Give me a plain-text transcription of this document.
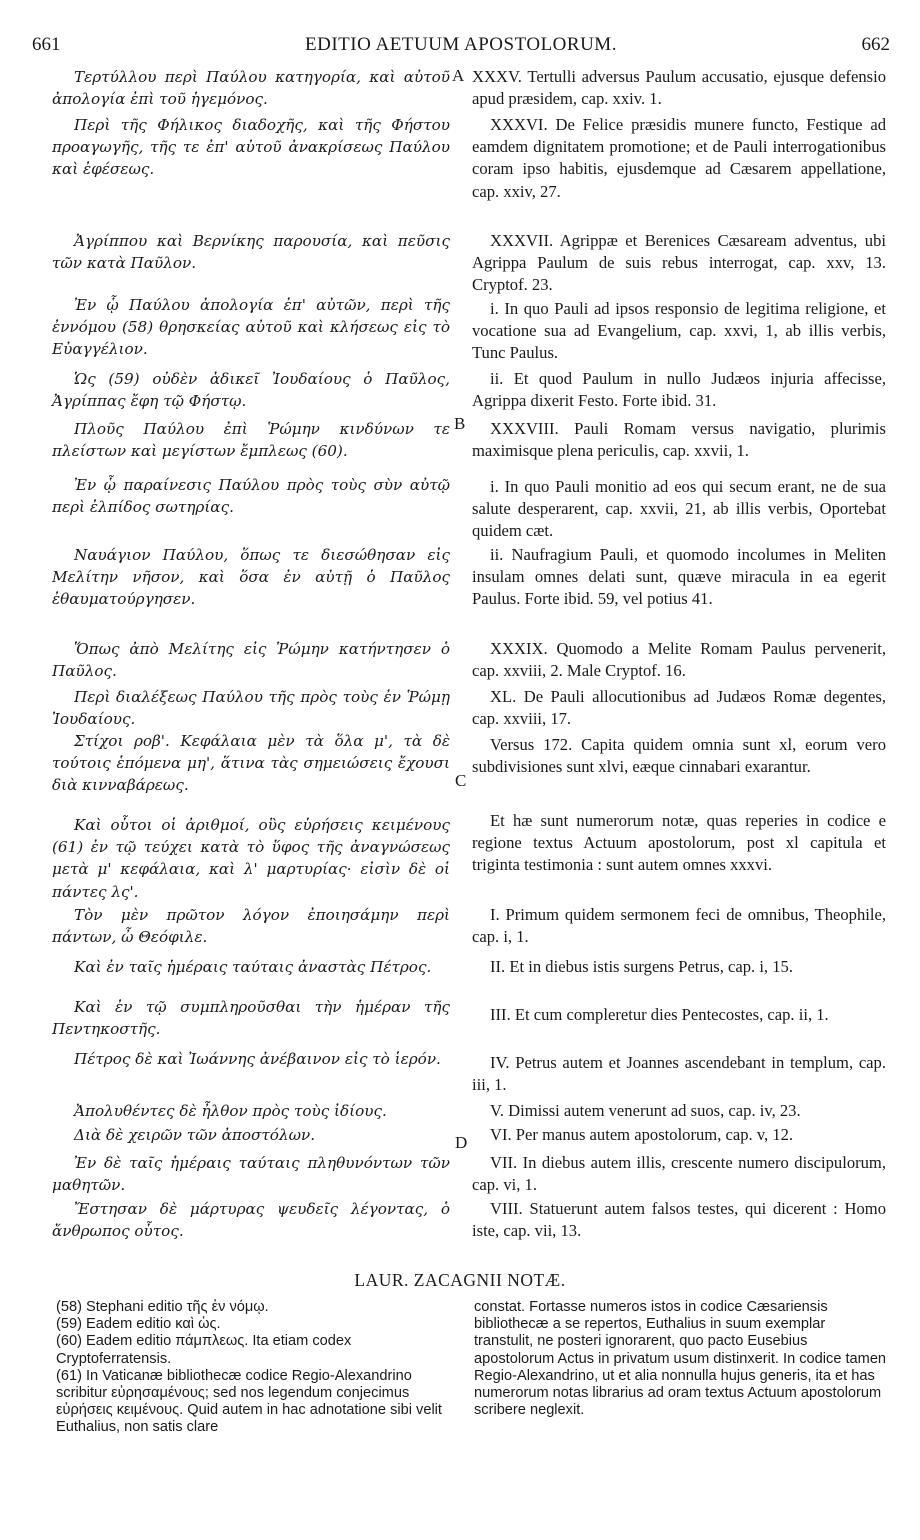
661	EDITIO AETUUM APOSTOLORUM.	662
A
B
C
D
Τερτύλλου περὶ Παύλου κατηγορία, καὶ αὐτοῦ ἀπολογία ἐπὶ τοῦ ἡγεμόνος.
Περὶ τῆς Φήλικος διαδοχῆς, καὶ τῆς Φήστου προαγωγῆς, τῆς τε ἐπ' αὐτοῦ ἀνακρίσεως Παύλου καὶ ἐφέσεως.
Ἀγρίππου καὶ Βερνίκης παρουσία, καὶ πεῦσις τῶν κατὰ Παῦλον.
Ἐν ᾧ Παύλου ἀπολογία ἐπ' αὐτῶν, περὶ τῆς ἐννόμου (58) θρησκείας αὐτοῦ καὶ κλήσεως εἰς τὸ Εὐαγγέλιον.
Ὡς (59) οὐδὲν ἀδικεῖ Ἰουδαίους ὁ Παῦλος, Ἀγρίππας ἔφη τῷ Φήστῳ.
Πλοῦς Παύλου ἐπὶ Ῥώμην κινδύνων τε πλείστων καὶ μεγίστων ἔμπλεως (60).
Ἐν ᾧ παραίνεσις Παύλου πρὸς τοὺς σὺν αὐτῷ περὶ ἐλπίδος σωτηρίας.
Ναυάγιον Παύλου, ὅπως τε διεσώθησαν εἰς Μελίτην νῆσον, καὶ ὅσα ἐν αὐτῇ ὁ Παῦλος ἐθαυματούργησεν.
Ὅπως ἀπὸ Μελίτης εἰς Ῥώμην κατήντησεν ὁ Παῦλος.
Περὶ διαλέξεως Παύλου τῆς πρὸς τοὺς ἐν Ῥώμῃ Ἰουδαίους.
Στίχοι ροβ'. Κεφάλαια μὲν τὰ ὅλα μ', τὰ δὲ τούτοις ἑπόμενα μη', ἅτινα τὰς σημειώσεις ἔχουσι διὰ κινναβάρεως.
Καὶ οὗτοι οἱ ἀριθμοί, οὓς εὑρήσεις κειμένους (61) ἐν τῷ τεύχει κατὰ τὸ ὕφος τῆς ἀναγνώσεως μετὰ μ' κεφάλαια, καὶ λ' μαρτυρίας· εἰσὶν δὲ οἱ πάντες λς'.
Τὸν μὲν πρῶτον λόγον ἐποιησάμην περὶ πάντων, ὦ Θεόφιλε.
Καὶ ἐν ταῖς ἡμέραις ταύταις ἀναστὰς Πέτρος.
Καὶ ἐν τῷ συμπληροῦσθαι τὴν ἡμέραν τῆς Πεντηκοστῆς.
Πέτρος δὲ καὶ Ἰωάννης ἀνέβαινον εἰς τὸ ἱερόν.
Ἀπολυθέντες δὲ ἦλθον πρὸς τοὺς ἰδίους.
Διὰ δὲ χειρῶν τῶν ἀποστόλων.
Ἐν δὲ ταῖς ἡμέραις ταύταις πληθυνόντων τῶν μαθητῶν.
Ἔστησαν δὲ μάρτυρας ψευδεῖς λέγοντας, ὁ ἄνθρωπος οὗτος.
XXXV. Tertulli adversus Paulum accusatio, ejusque defensio apud præsidem, cap. xxiv. 1.
XXXVI. De Felice præsidis munere functo, Festique ad eamdem dignitatem promotione; et de Pauli interrogationibus coram ipso habitis, ejusdemque ad Cæsarem appellatione, cap. xxiv, 27.
XXXVII. Agrippæ et Berenices Cæsaream adventus, ubi Agrippa Paulum de suis rebus interrogat, cap. xxv, 13. Cryptof. 23.
i. In quo Pauli ad ipsos responsio de legitima religione, et vocatione sua ad Evangelium, cap. xxvi, 1, ab illis verbis, Tunc Paulus.
ii. Et quod Paulum in nullo Judæos injuria affecisse, Agrippa dixerit Festo. Forte ibid. 31.
XXXVIII. Pauli Romam versus navigatio, plurimis maximisque plena periculis, cap. xxvii, 1.
i. In quo Pauli monitio ad eos qui secum erant, ne de sua salute desperarent, cap. xxvii, 21, ab illis verbis, Oportebat quidem cæt.
ii. Naufragium Pauli, et quomodo incolumes in Meliten insulam omnes delati sunt, quæve miracula in ea egerit Paulus. Forte ibid. 59, vel potius 41.
XXXIX. Quomodo a Melite Romam Paulus pervenerit, cap. xxviii, 2. Male Cryptof. 16.
XL. De Pauli allocutionibus ad Judæos Romæ degentes, cap. xxviii, 17.
Versus 172. Capita quidem omnia sunt xl, eorum vero subdivisiones sunt xlvi, eæque cinnabari exarantur.
Et hæ sunt numerorum notæ, quas reperies in codice e regione textus Actuum apostolorum, post xl capitula et triginta testimonia : sunt autem omnes xxxvi.
I. Primum quidem sermonem feci de omnibus, Theophile, cap. i, 1.
II. Et in diebus istis surgens Petrus, cap. i, 15.
III. Et cum compleretur dies Pentecostes, cap. ii, 1.
IV. Petrus autem et Joannes ascendebant in templum, cap. iii, 1.
V. Dimissi autem venerunt ad suos, cap. iv, 23.
VI. Per manus autem apostolorum, cap. v, 12.
VII. In diebus autem illis, crescente numero discipulorum, cap. vi, 1.
VIII. Statuerunt autem falsos testes, qui dicerent : Homo iste, cap. vii, 13.
LAUR. ZACAGNII NOTÆ.

(58) Stephani editio τῆς ἐν νόμῳ.

(59) Eadem editio καὶ ὡς.

(60) Eadem editio πάμπλεως. Ita etiam codex Cryptoferratensis.

(61) In Vaticanæ bibliothecæ codice Regio-Alexandrino scribitur εὑρησαμένους; sed nos legendum conjecimus εὑρήσεις κειμένους. Quid autem in hac adnotatione sibi velit Euthalius, non satis clare

constat. Fortasse numeros istos in codice Cæsariensis bibliothecæ a se repertos, Euthalius in suum exemplar transtulit, ne posteri ignorarent, quo pacto Eusebius apostolorum Actus in privatum usum distinxerit. In codice tamen Regio-Alexandrino, ut et alia nonnulla hujus generis, ita et has numerorum notas librarius ad oram textus Actuum apostolorum scribere neglexit.
